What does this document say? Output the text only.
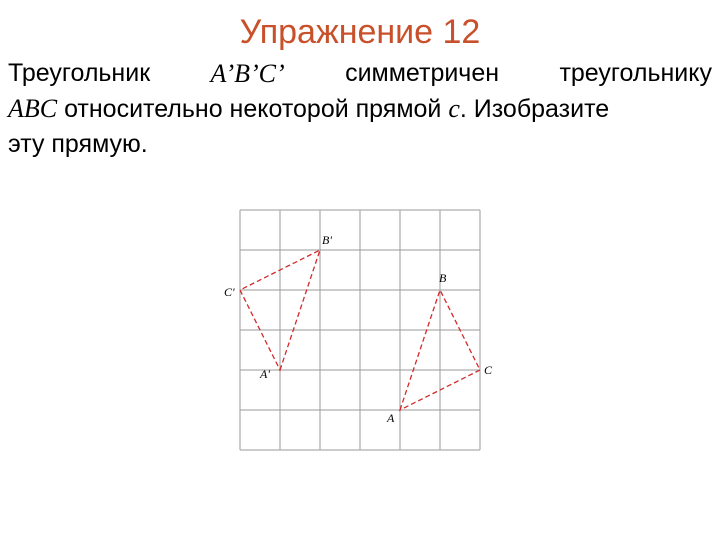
Упражнение 12
Треугольник A’B’C’ симметричен треугольнику
ABC относительно некоторой прямой c. Изобразите
эту прямую.
A
B
C
A'
B'
C'
